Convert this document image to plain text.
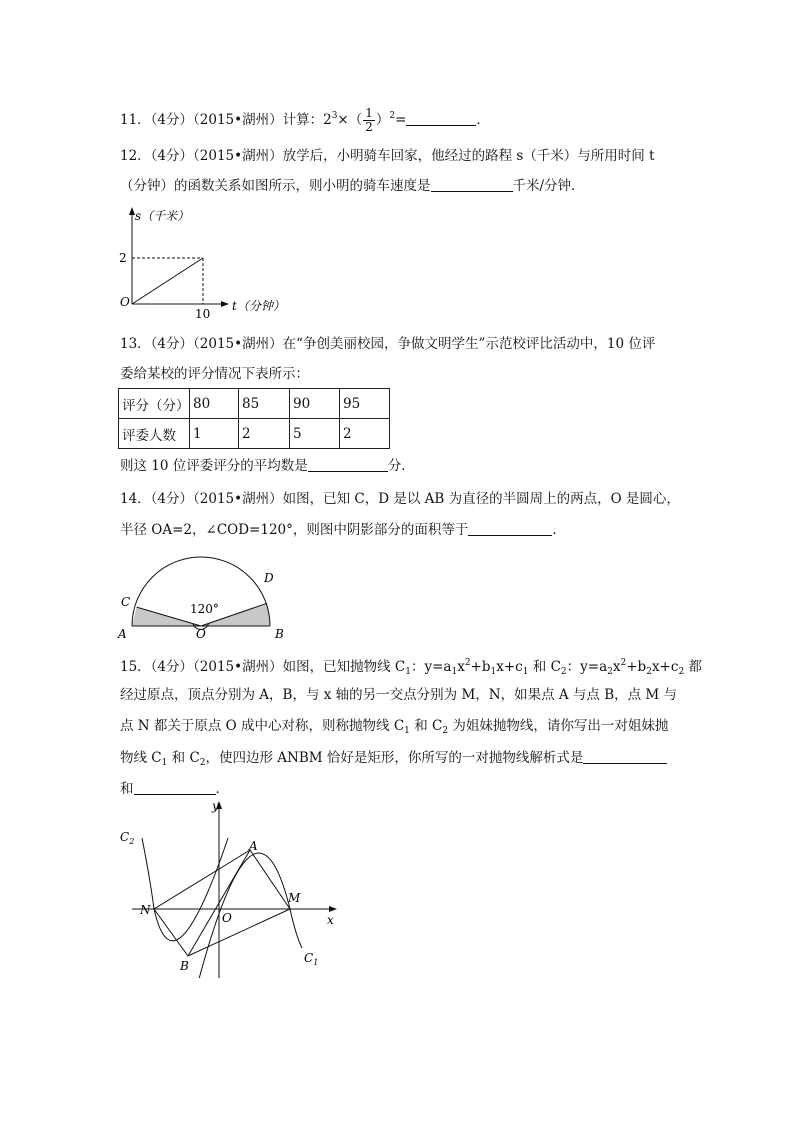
11．（4分）（2015•湖州）计算：$2^3\times( \frac{1}{2} )^2=$	．
12．（4分）（2015•湖州）放学后，小明骑车回家，他经过的路程 s（千米）与所用时间 t
（分钟）的函数关系如图所示，则小明的骑车速度是	千米/分钟．
s（千米）
t（分钟）
2
10
O
13．（4分）（2015•湖州）在“争创美丽校园，争做文明学生”示范校评比活动中，10 位评
委给某校的评分情况下表所示：
评分（分）	80	85	90	95
评委人数	1	2	5	2
则这 10 位评委评分的平均数是	分．
14．（4分）（2015•湖州）如图，已知 C，D 是以 AB 为直径的半圆周上的两点，O 是圆心，
半径 OA=2，∠COD=120°，则图中阴影部分的面积等于	．
120°
A	B
C
D
O
15．（4分）（2015•湖州）如图，已知抛物线 $C_1$：$y=a_1x^2+b_1x+c_1$ 和 $C_2$：$y=a_2x^2+b_2x+c_2$ 都
经过原点，顶点分别为 A，B，与 x 轴的另一交点分别为 M，N，如果点 A 与点 B，点 M 与
点 N 都关于原点 O 成中心对称，则称抛物线 $C_1$ 和 $C_2$ 为姐妹抛物线，请你写出一对姐妹抛
物线 $C_1$ 和 $C_2$，使四边形 ANBM 恰好是矩形，你所写的一对抛物线解析式是
和	．
y
x
O
A
B
M
N
$C_1$
$C_2$
